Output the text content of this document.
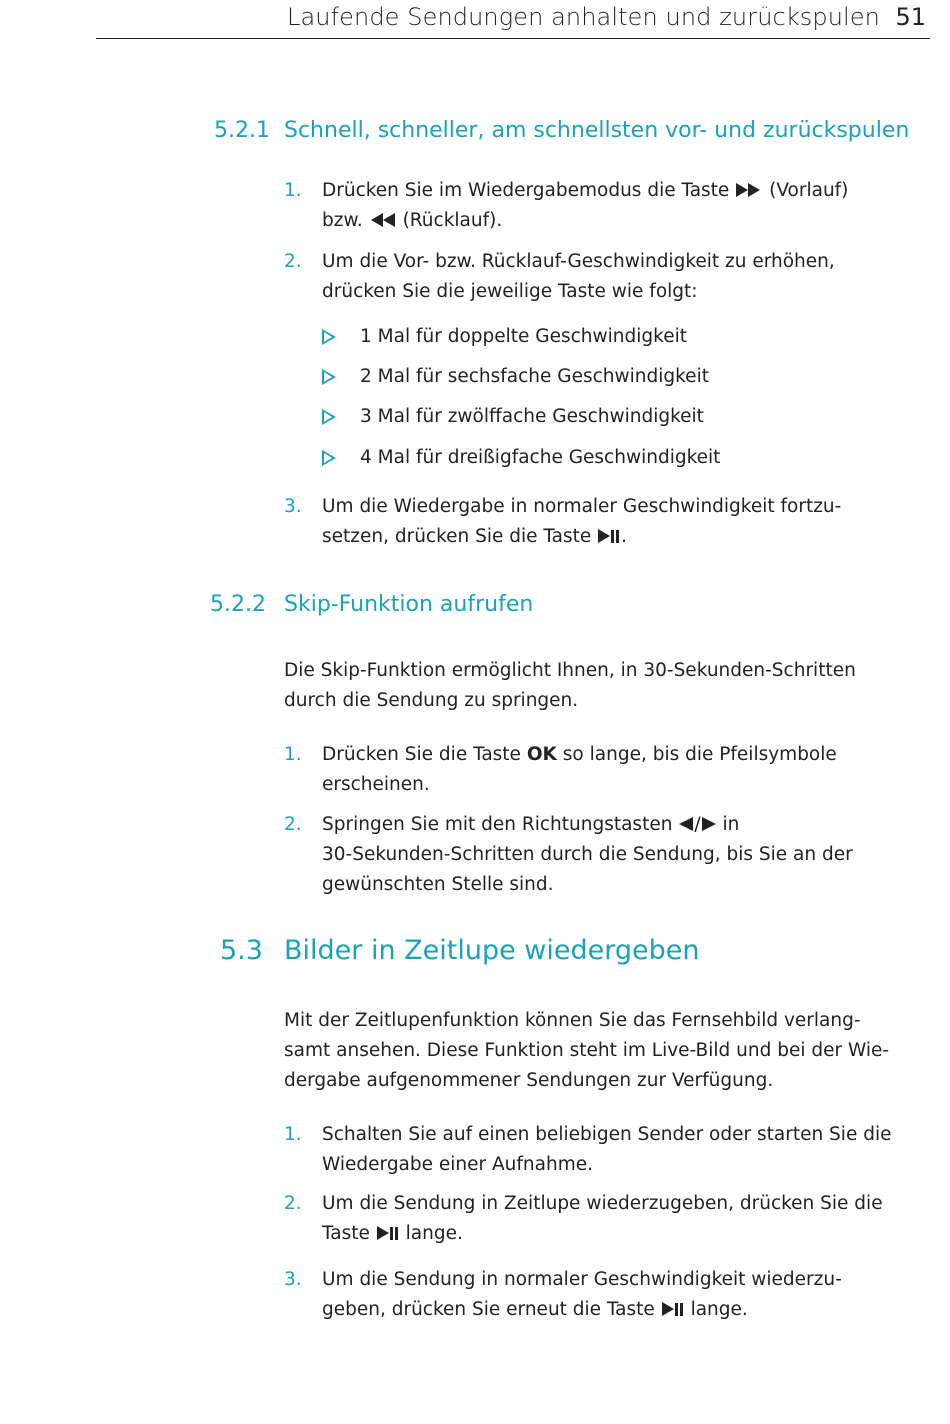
Laufende Sendungen anhalten und zurückspulen 51
5.2.1 Schnell, schneller, am schnellsten vor- und zurückspulen
1. Drücken Sie im Wiedergabemodus die Taste (Vorlauf)
bzw. (Rücklauf).
2. Um die Vor- bzw. Rücklauf-Geschwindigkeit zu erhöhen,
drücken Sie die jeweilige Taste wie folgt:
1 Mal für doppelte Geschwindigkeit
2 Mal für sechsfache Geschwindigkeit
3 Mal für zwölffache Geschwindigkeit
4 Mal für dreißigfache Geschwindigkeit
3. Um die Wiedergabe in normaler Geschwindigkeit fortzu-
setzen, drücken Sie die Taste .
5.2.2 Skip-Funktion aufrufen
Die Skip-Funktion ermöglicht Ihnen, in 30-Sekunden-Schritten
durch die Sendung zu springen.
1. Drücken Sie die Taste OK so lange, bis die Pfeilsymbole
erscheinen.
2. Springen Sie mit den Richtungstasten / in
30-Sekunden-Schritten durch die Sendung, bis Sie an der
gewünschten Stelle sind.
5.3 Bilder in Zeitlupe wiedergeben
Mit der Zeitlupenfunktion können Sie das Fernsehbild verlang-
samt ansehen. Diese Funktion steht im Live-Bild und bei der Wie-
dergabe aufgenommener Sendungen zur Verfügung.
1. Schalten Sie auf einen beliebigen Sender oder starten Sie die
Wiedergabe einer Aufnahme.
2. Um die Sendung in Zeitlupe wiederzugeben, drücken Sie die
Taste lange.
3. Um die Sendung in normaler Geschwindigkeit wiederzu-
geben, drücken Sie erneut die Taste lange.
